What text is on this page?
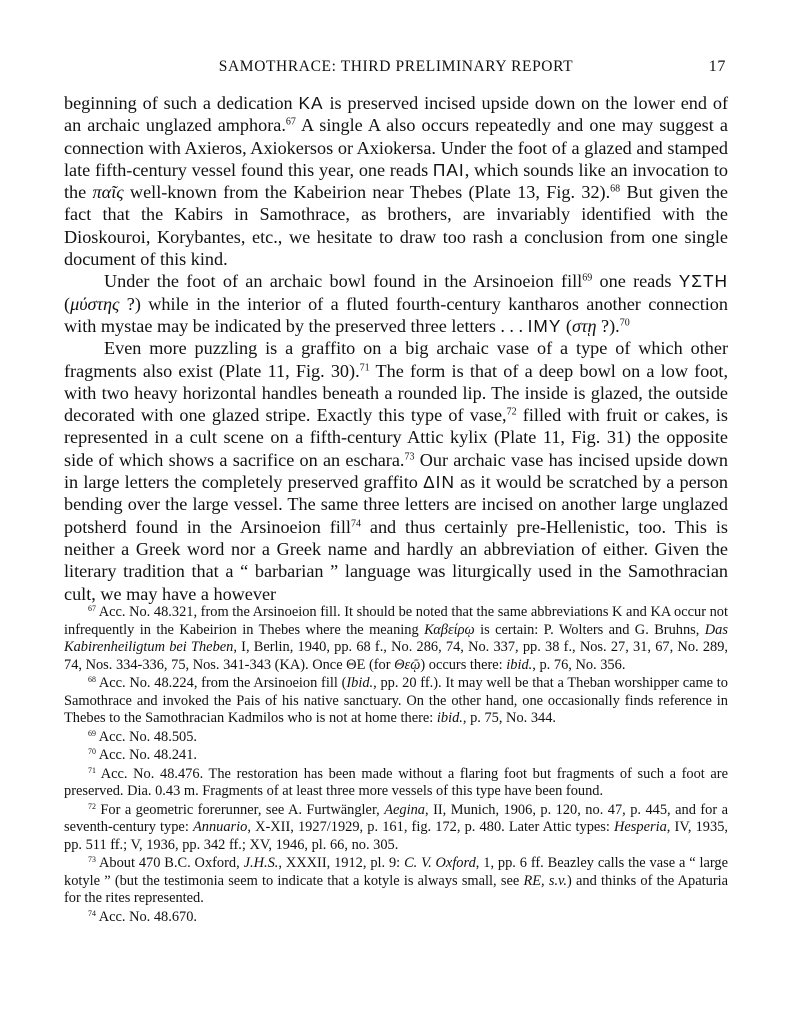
SAMOTHRACE: THIRD PRELIMINARY REPORT	17

beginning of such a dedication KA is preserved incised upside down on the lower end of an archaic unglazed amphora.$^{67}$ A single A also occurs repeatedly and one may suggest a connection with Axieros, Axiokersos or Axiokersa. Under the foot of a glazed and stamped late fifth-century vessel found this year, one reads ΠΑΙ, which sounds like an invocation to the παῖς well-known from the Kabeirion near Thebes (Plate 13, Fig. 32).$^{68}$ But given the fact that the Kabirs in Samothrace, as brothers, are invariably identified with the Dioskouroi, Korybantes, etc., we hesitate to draw too rash a conclusion from one single document of this kind.

Under the foot of an archaic bowl found in the Arsinoeion fill$^{69}$ one reads ΥΣΤΗ (μύστης ?) while in the interior of a fluted fourth-century kantharos another connection with mystae may be indicated by the preserved three letters . . . IMY (στῃ ?).$^{70}$

Even more puzzling is a graffito on a big archaic vase of a type of which other fragments also exist (Plate 11, Fig. 30).$^{71}$ The form is that of a deep bowl on a low foot, with two heavy horizontal handles beneath a rounded lip. The inside is glazed, the outside decorated with one glazed stripe. Exactly this type of vase,$^{72}$ filled with fruit or cakes, is represented in a cult scene on a fifth-century Attic kylix (Plate 11, Fig. 31) the opposite side of which shows a sacrifice on an eschara.$^{73}$ Our archaic vase has incised upside down in large letters the completely preserved graffito ΔΙΝ as it would be scratched by a person bending over the large vessel. The same three letters are incised on another large unglazed potsherd found in the Arsinoeion fill$^{74}$ and thus certainly pre-Hellenistic, too. This is neither a Greek word nor a Greek name and hardly an abbreviation of either. Given the literary tradition that a “ barbarian ” language was liturgically used in the Samothracian cult, we may have a however

$^{67}$ Acc. No. 48.321, from the Arsinoeion fill. It should be noted that the same abbreviations K and KA occur not infrequently in the Kabeirion in Thebes where the meaning Καβείρῳ is certain: P. Wolters and G. Bruhns, Das Kabirenheiligtum bei Theben, I, Berlin, 1940, pp. 68 f., No. 286, 74, No. 337, pp. 38 f., Nos. 27, 31, 67, No. 289, 74, Nos. 334-336, 75, Nos. 341-343 (KA). Once ΘE (for Θεῷ) occurs there: ibid., p. 76, No. 356.

$^{68}$ Acc. No. 48.224, from the Arsinoeion fill (Ibid., pp. 20 ff.). It may well be that a Theban worshipper came to Samothrace and invoked the Pais of his native sanctuary. On the other hand, one occasionally finds reference in Thebes to the Samothracian Kadmilos who is not at home there: ibid., p. 75, No. 344.

$^{69}$ Acc. No. 48.505.

$^{70}$ Acc. No. 48.241.

$^{71}$ Acc. No. 48.476. The restoration has been made without a flaring foot but fragments of such a foot are preserved. Dia. 0.43 m. Fragments of at least three more vessels of this type have been found.

$^{72}$ For a geometric forerunner, see A. Furtwängler, Aegina, II, Munich, 1906, p. 120, no. 47, p. 445, and for a seventh-century type: Annuario, X-XII, 1927/1929, p. 161, fig. 172, p. 480. Later Attic types: Hesperia, IV, 1935, pp. 511 ff.; V, 1936, pp. 342 ff.; XV, 1946, pl. 66, no. 305.

$^{73}$ About 470 B.C. Oxford, J.H.S., XXXII, 1912, pl. 9: C. V. Oxford, 1, pp. 6 ff. Beazley calls the vase a “ large kotyle ” (but the testimonia seem to indicate that a kotyle is always small, see RE, s.v.) and thinks of the Apaturia for the rites represented.

$^{74}$ Acc. No. 48.670.
